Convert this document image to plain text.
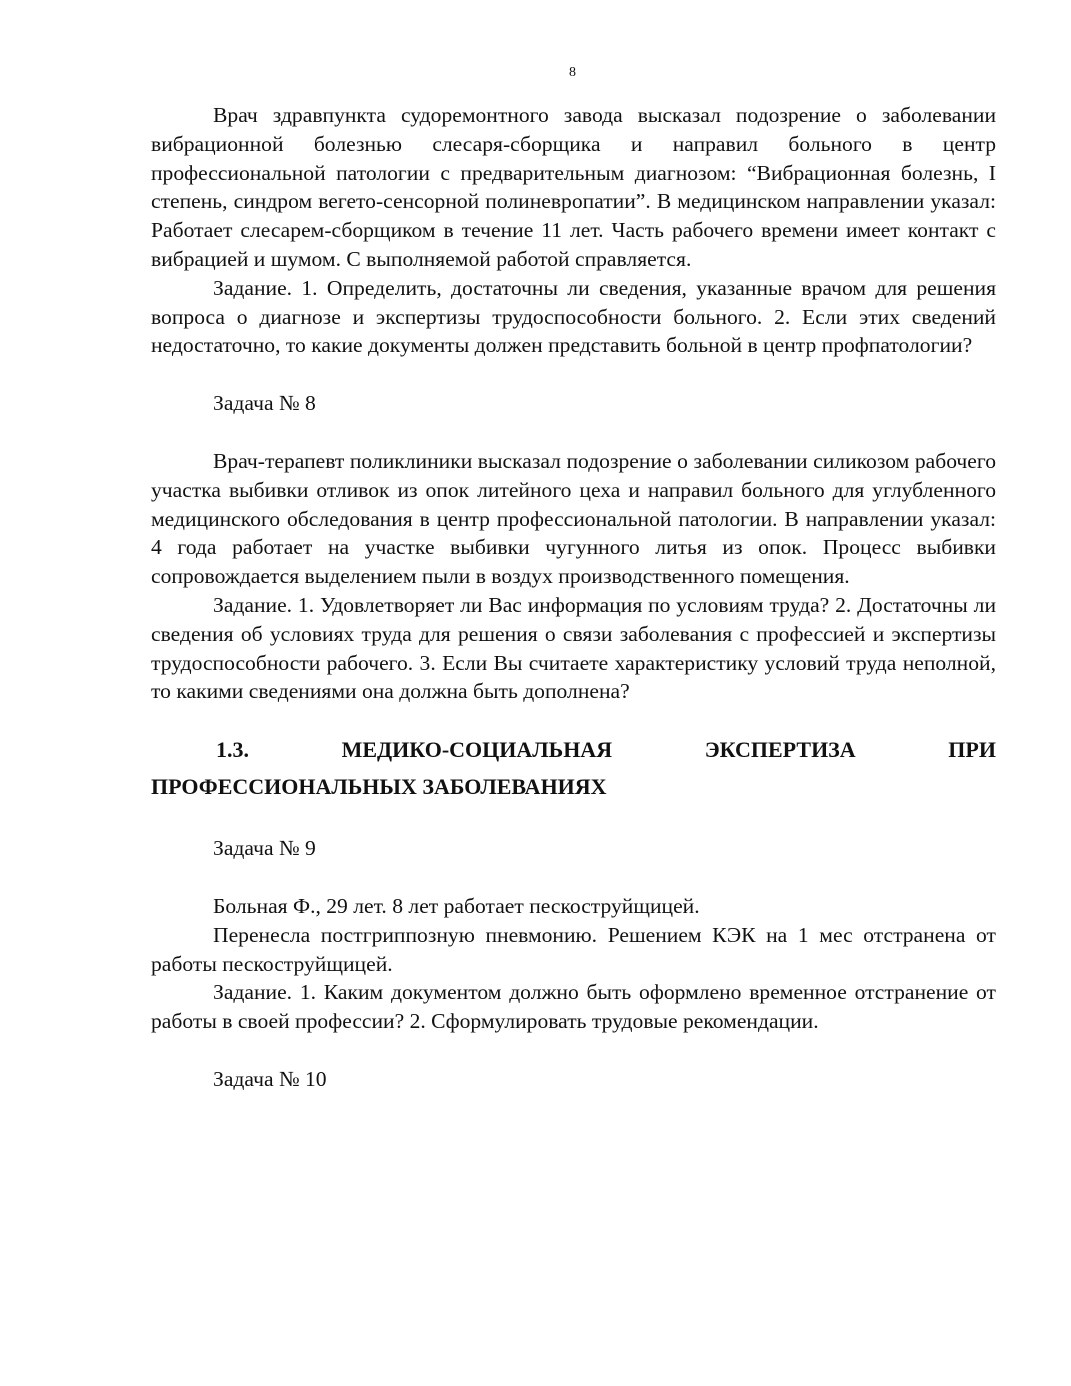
8

Врач здравпункта судоремонтного завода высказал подозрение о заболевании вибрационной болезнью слесаря-сборщика и направил больного в центр профессиональной патологии с предварительным диагнозом: “Вибрационная болезнь, I степень, синдром вегето-сенсорной полиневропатии”. В медицинском направлении указал: Работает слесарем-сборщиком в течение 11 лет. Часть рабочего времени имеет контакт с вибрацией и шумом. С выполняемой работой справляется.

Задание. 1. Определить, достаточны ли сведения, указанные врачом для решения вопроса о диагнозе и экспертизы трудоспособности больного. 2. Если этих сведений недостаточно, то какие документы должен представить больной в центр профпатологии?

Задача № 8

Врач-терапевт поликлиники высказал подозрение о заболевании силикозом рабочего участка выбивки отливок из опок литейного цеха и направил больного для углубленного медицинского обследования в центр профессиональной патологии. В направлении указал: 4 года работает на участке выбивки чугунного литья из опок. Процесс выбивки сопровождается выделением пыли в воздух производственного помещения.

Задание. 1. Удовлетворяет ли Вас информация по условиям труда? 2. Достаточны ли сведения об условиях труда для решения о связи заболевания с профессией и экспертизы трудоспособности рабочего. 3. Если Вы считаете характеристику условий труда неполной, то какими сведениями она должна быть дополнена?

1.3.	МЕДИКО-СОЦИАЛЬНАЯ	ЭКСПЕРТИЗА	ПРИ
ПРОФЕССИОНАЛЬНЫХ ЗАБОЛЕВАНИЯХ

Задача № 9

Больная Ф., 29 лет. 8 лет работает пескоструйщицей.

Перенесла постгриппозную пневмонию. Решением КЭК на 1 мес отстранена от работы пескоструйщицей.

Задание. 1. Каким документом должно быть оформлено временное отстранение от работы в своей профессии? 2. Сформулировать трудовые рекомендации.

Задача № 10
